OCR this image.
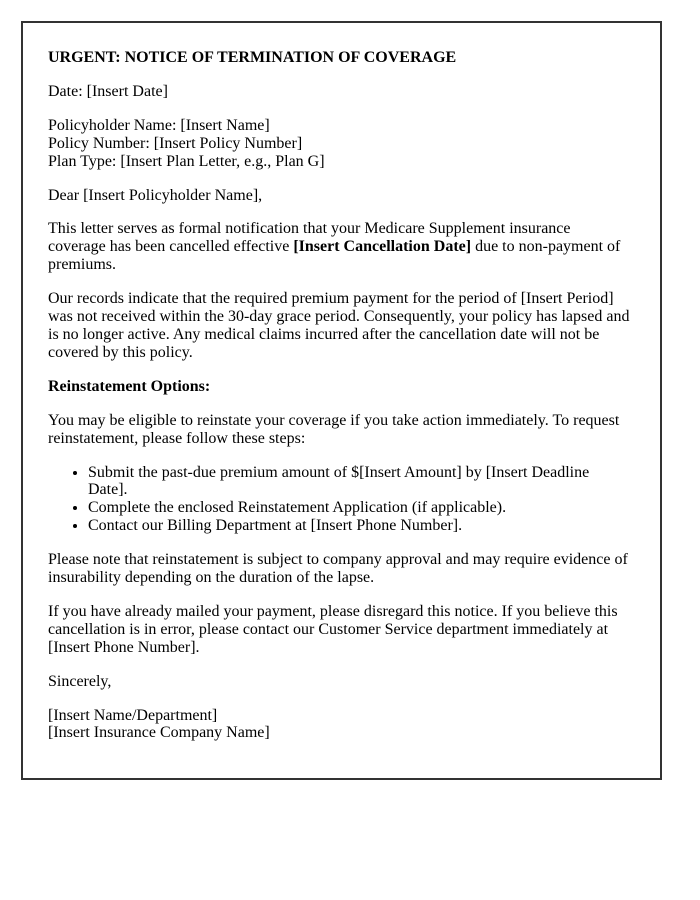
URGENT: NOTICE OF TERMINATION OF COVERAGE

Date: [Insert Date]

Policyholder Name: [Insert Name]
Policy Number: [Insert Policy Number]
Plan Type: [Insert Plan Letter, e.g., Plan G]

Dear [Insert Policyholder Name],

This letter serves as formal notification that your Medicare Supplement insurance coverage has been cancelled effective [Insert Cancellation Date] due to non-payment of premiums.

Our records indicate that the required premium payment for the period of [Insert Period] was not received within the 30-day grace period. Consequently, your policy has lapsed and is no longer active. Any medical claims incurred after the cancellation date will not be covered by this policy.

Reinstatement Options:

You may be eligible to reinstate your coverage if you take action immediately. To request reinstatement, please follow these steps:

• Submit the past-due premium amount of $[Insert Amount] by [Insert Deadline Date].
• Complete the enclosed Reinstatement Application (if applicable).
• Contact our Billing Department at [Insert Phone Number].

Please note that reinstatement is subject to company approval and may require evidence of insurability depending on the duration of the lapse.

If you have already mailed your payment, please disregard this notice. If you believe this cancellation is in error, please contact our Customer Service department immediately at [Insert Phone Number].

Sincerely,

[Insert Name/Department]
[Insert Insurance Company Name]
